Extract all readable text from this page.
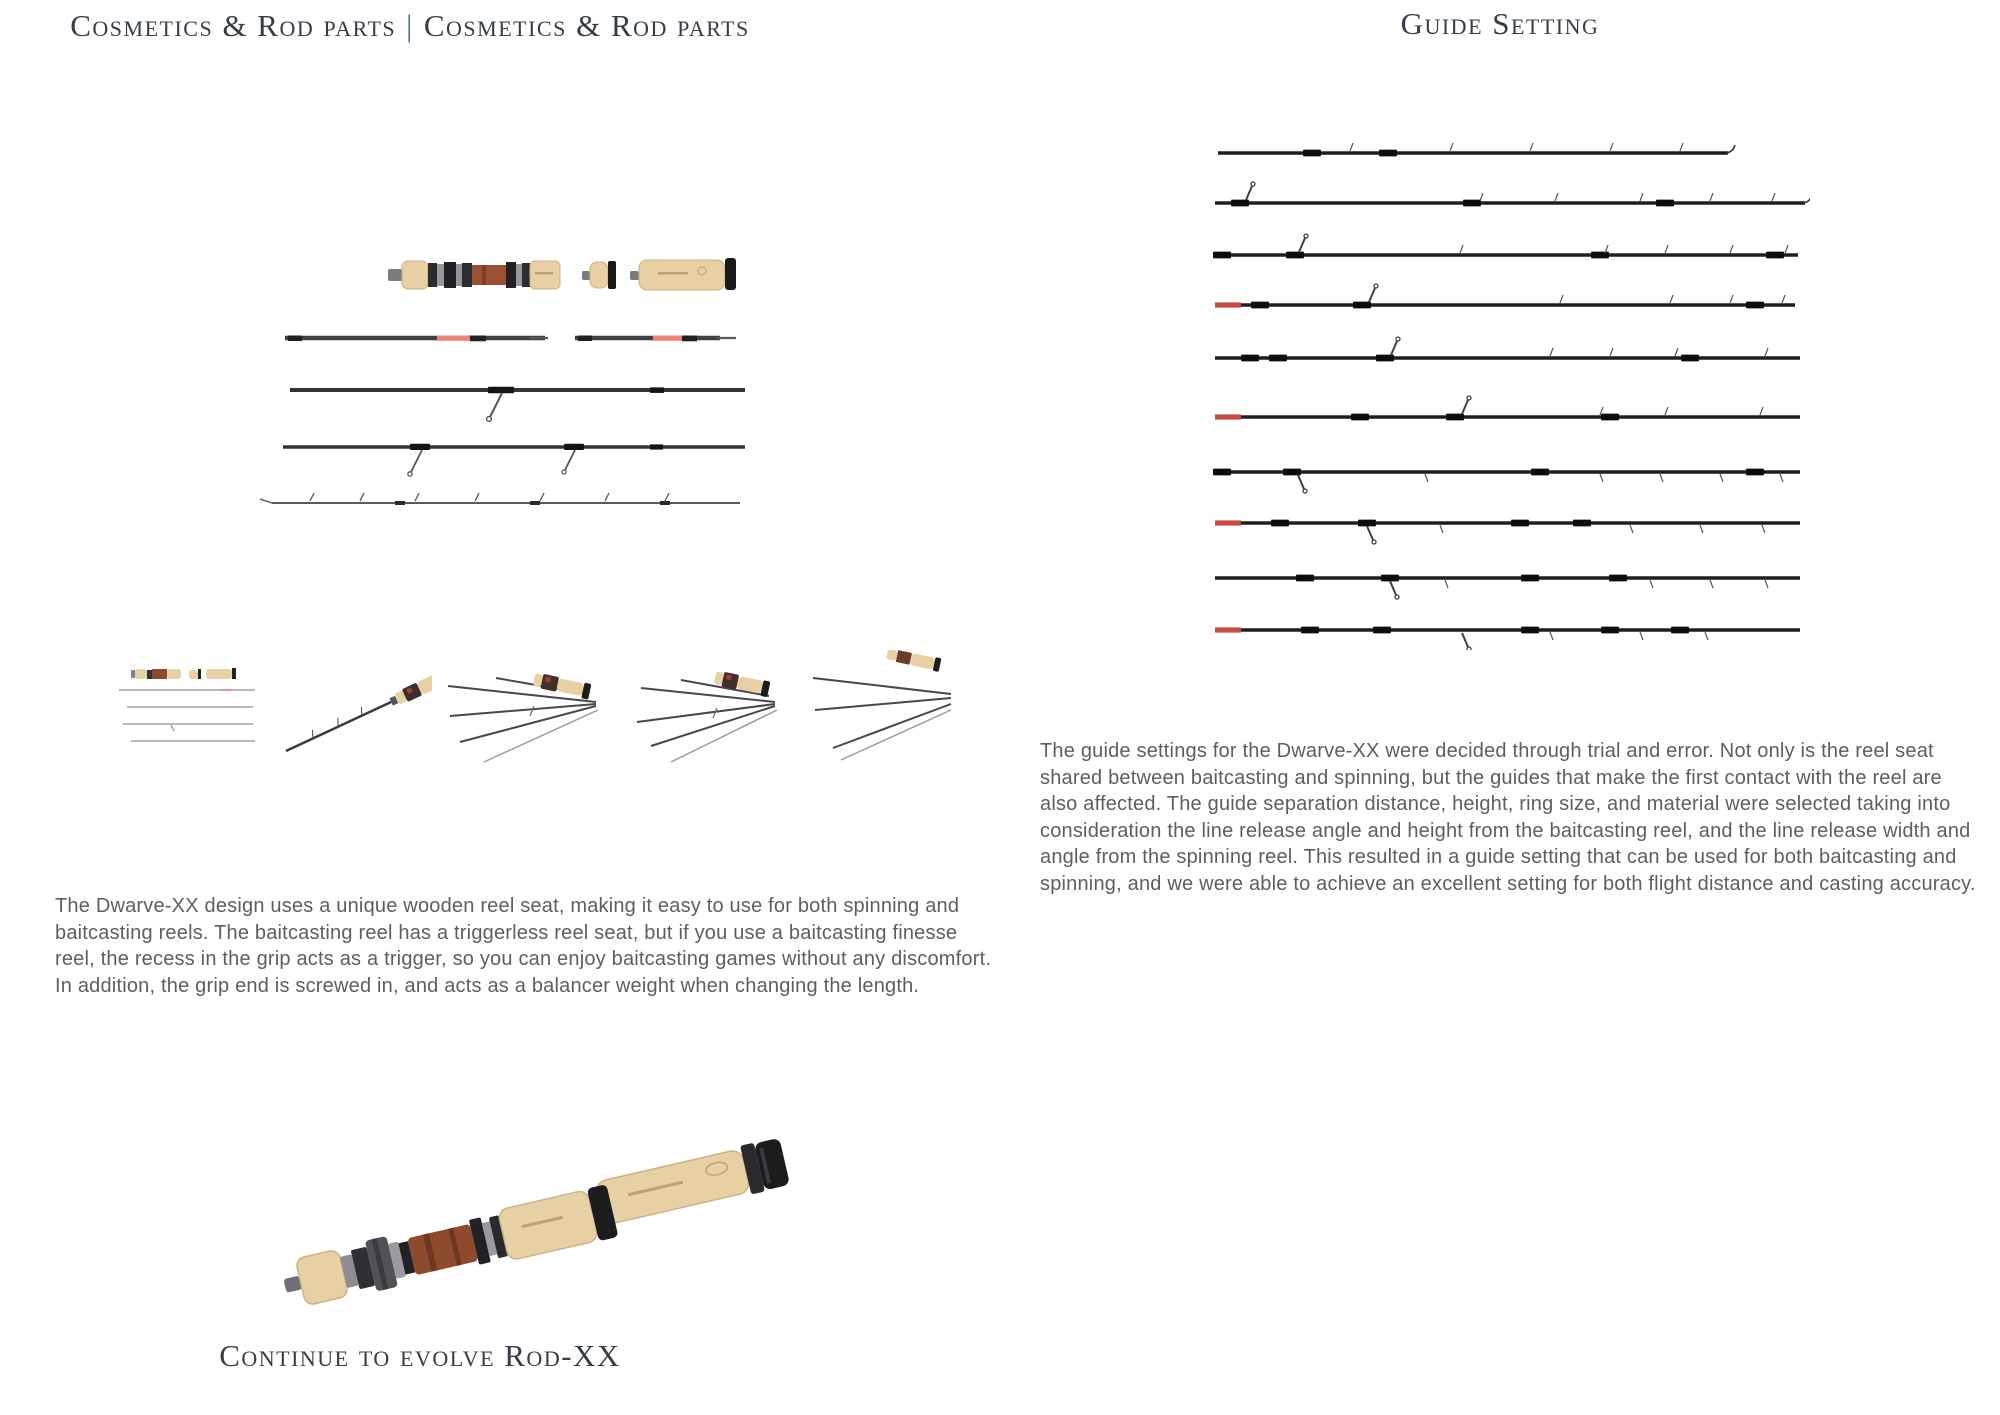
Cosmetics & Rod parts | Cosmetics & Rod parts

The Dwarve-XX design uses a unique wooden reel seat, making it easy to use for both spinning and baitcasting reels. The baitcasting reel has a triggerless reel seat, but if you use a baitcasting finesse reel, the recess in the grip acts as a trigger, so you can enjoy baitcasting games without any discomfort. In addition, the grip end is screwed in, and acts as a balancer weight when changing the length.

Continue to evolve Rod-XX
Guide Setting

The guide settings for the Dwarve-XX were decided through trial and error. Not only is the reel seat shared between baitcasting and spinning, but the guides that make the first contact with the reel are also affected. The guide separation distance, height, ring size, and material were selected taking into consideration the line release angle and height from the baitcasting reel, and the line release width and angle from the spinning reel. This resulted in a guide setting that can be used for both baitcasting and spinning, and we were able to achieve an excellent setting for both flight distance and casting accuracy.
